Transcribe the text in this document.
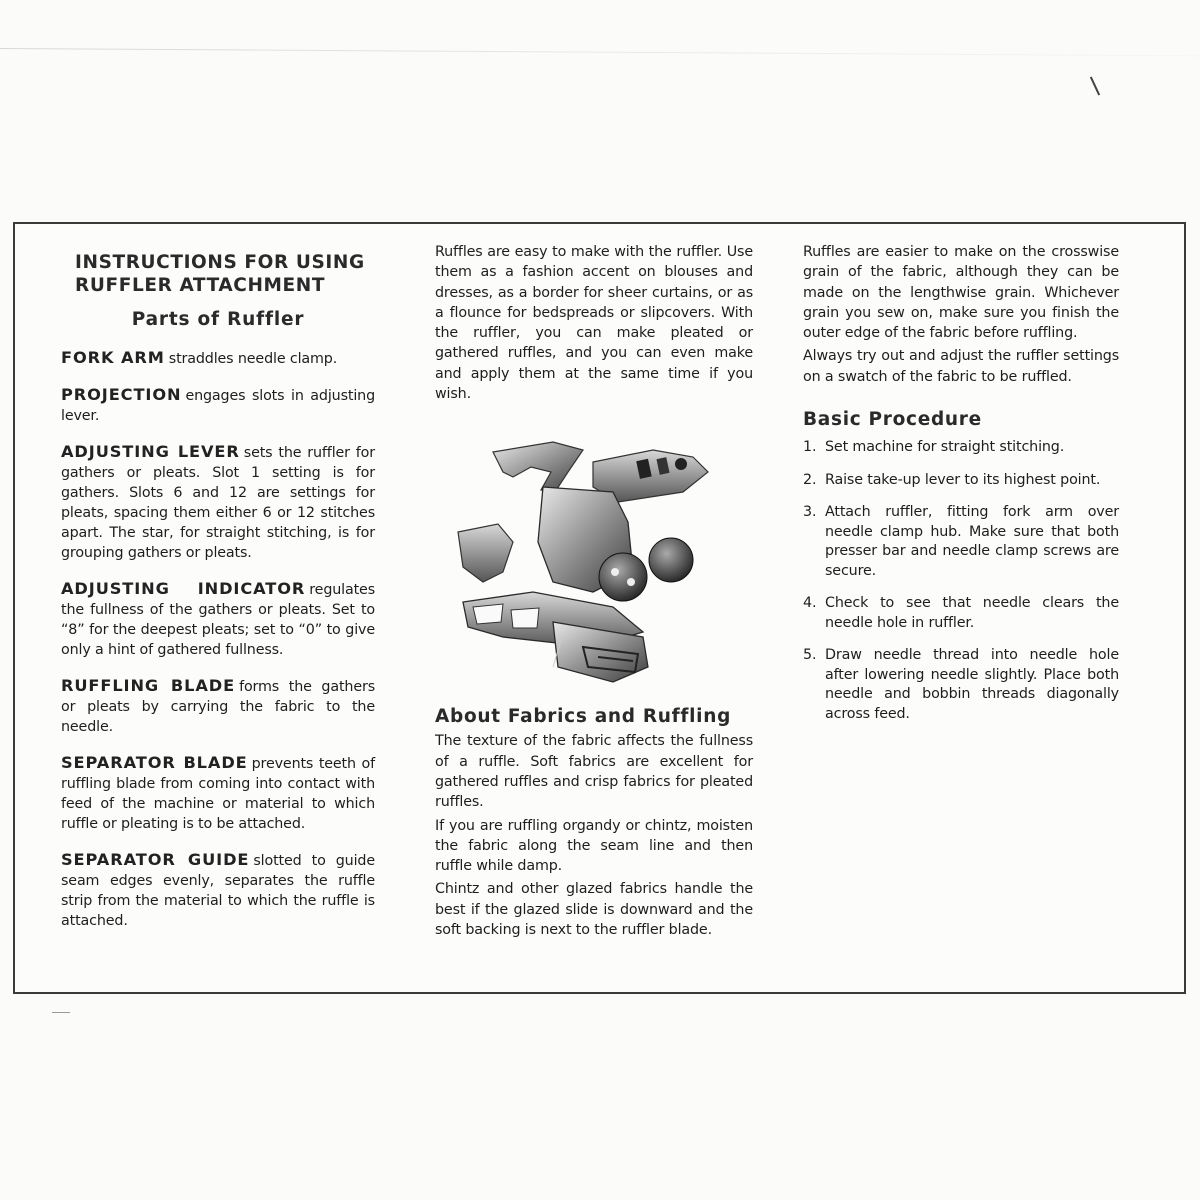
INSTRUCTIONS FOR USING
RUFFLER ATTACHMENT
Parts of Ruffler
FORK ARM straddles needle clamp.
PROJECTION engages slots in adjusting lever.
ADJUSTING LEVER sets the ruffler for gathers or pleats. Slot 1 setting is for gathers. Slots 6 and 12 are settings for pleats, spacing them either 6 or 12 stitches apart. The star, for straight stitching, is for grouping gathers or pleats.
ADJUSTING INDICATOR regulates the fullness of the gathers or pleats. Set to “8” for the deepest pleats; set to “0” to give only a hint of gathered fullness.
RUFFLING BLADE forms the gathers or pleats by carrying the fabric to the needle.
SEPARATOR BLADE prevents teeth of ruffling blade from coming into contact with feed of the machine or material to which ruffle or pleating is to be attached.
SEPARATOR GUIDE slotted to guide seam edges evenly, separates the ruffle strip from the material to which the ruffle is attached.
Ruffles are easy to make with the ruffler. Use them as a fashion accent on blouses and dresses, as a border for sheer curtains, or as a flounce for bedspreads or slipcovers. With the ruffler, you can make pleated or gathered ruffles, and you can even make and apply them at the same time if you wish.
About Fabrics and Ruffling
The texture of the fabric affects the fullness of a ruffle. Soft fabrics are excellent for gathered ruffles and crisp fabrics for pleated ruffles.
If you are ruffling organdy or chintz, moisten the fabric along the seam line and then ruffle while damp.
Chintz and other glazed fabrics handle the best if the glazed slide is downward and the soft backing is next to the ruffler blade.
Ruffles are easier to make on the crosswise grain of the fabric, although they can be made on the lengthwise grain. Whichever grain you sew on, make sure you finish the outer edge of the fabric before ruffling.
Always try out and adjust the ruffler settings on a swatch of the fabric to be ruffled.
Basic Procedure
1. Set machine for straight stitching.
2. Raise take-up lever to its highest point.
3. Attach ruffler, fitting fork arm over needle clamp hub. Make sure that both presser bar and needle clamp screws are secure.
4. Check to see that needle clears the needle hole in ruffler.
5. Draw needle thread into needle hole after lowering needle slightly. Place both needle and bobbin threads diagonally across feed.
